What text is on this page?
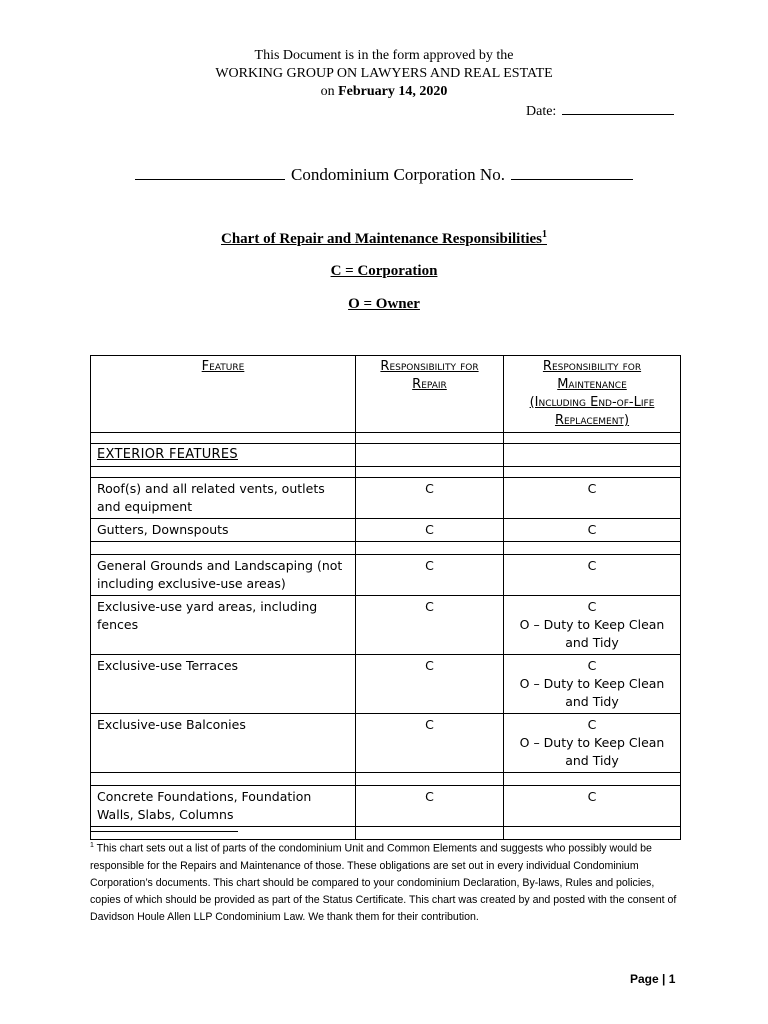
This Document is in the form approved by the
WORKING GROUP ON LAWYERS AND REAL ESTATE
on February 14, 2020
Date:
Condominium Corporation No.
Chart of Repair and Maintenance Responsibilities$^1$
C = Corporation
O = Owner
Feature	Responsibility for Repair	Responsibility for Maintenance
(Including End-of-Life Replacement)

EXTERIOR FEATURES		

Roof(s) and all related vents, outlets and equipment	C	C
Gutters, Downspouts	C	C

General Grounds and Landscaping (not including exclusive-use areas)	C	C
Exclusive-use yard areas, including fences	C	C
O – Duty to Keep Clean and Tidy

Exclusive-use Terraces	C	C
O – Duty to Keep Clean and Tidy

Exclusive-use Balconies	C	C
O – Duty to Keep Clean and Tidy

Concrete Foundations, Foundation Walls, Slabs, Columns	C	C

$^1$ This chart sets out a list of parts of the condominium Unit and Common Elements and suggests who possibly would be responsible for the Repairs and Maintenance of those. These obligations are set out in every individual Condominium Corporation’s documents. This chart should be compared to your condominium Declaration, By-laws, Rules and policies, copies of which should be provided as part of the Status Certificate. This chart was created by and posted with the consent of Davidson Houle Allen LLP Condominium Law. We thank them for their contribution.
Page | 1
